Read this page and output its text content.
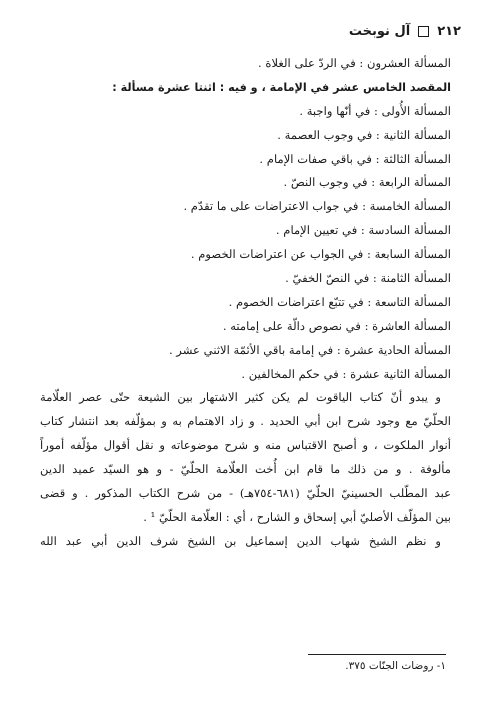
٢١٢
آل نوبخت
المسألة العشرون : في الردّ على الغلاة .
المقصد الخامس عشر في الإمامة ، و فيه : اثنتا عشرة مسألة :
المسألة الأُولى : في أنّها واجبة .
المسألة الثانية : في وجوب العصمة .
المسألة الثالثة : في باقي صفات الإمام .
المسألة الرابعة : في وجوب النصّ .
المسألة الخامسة : في جواب الاعتراضات على ما تقدّم .
المسألة السادسة : في تعيين الإمام .
المسألة السابعة : في الجواب عن اعتراضات الخصوم .
المسألة الثامنة : في النصّ الخفيّ .
المسألة التاسعة : في تتبّع اعتراضات الخصوم .
المسألة العاشرة : في نصوص دالّة على إمامته .
المسألة الحادية عشرة : في إمامة باقي الأئمّة الاثني عشر .
المسألة الثانية عشرة : في حكم المخالفين .
و يبدو أنّ كتاب الياقوت لم يكن كثير الاشتهار بين الشيعة حتّى عصر العلّامة
الحلّيّ مع وجود شرح ابن أبي الحديد . و زاد الاهتمام به و بمؤلّفه بعد انتشار كتاب
أنوار الملكوت ، و أصبح الاقتباس منه و شرح موضوعاته و نقل أقوال مؤلّفه أموراً
مألوفة . و من ذلك ما قام ابن أُخت العلّامة الحلّيّ - و هو السيّد عميد الدين
عبد المطّلب الحسينيّ الحلّيّ (٦٨١-٧٥٤هـ) - من شرح الكتاب المذكور . و قضى
بين المؤلّف الأصليّ أبي إسحاق و الشارح ، أي : العلّامة الحلّيّ ¹ .
و نظم الشيخ شهاب الدين إسماعيل بن الشيخ شرف الدين أبي عبد الله
١- روضات الجنّات ٣٧٥.
